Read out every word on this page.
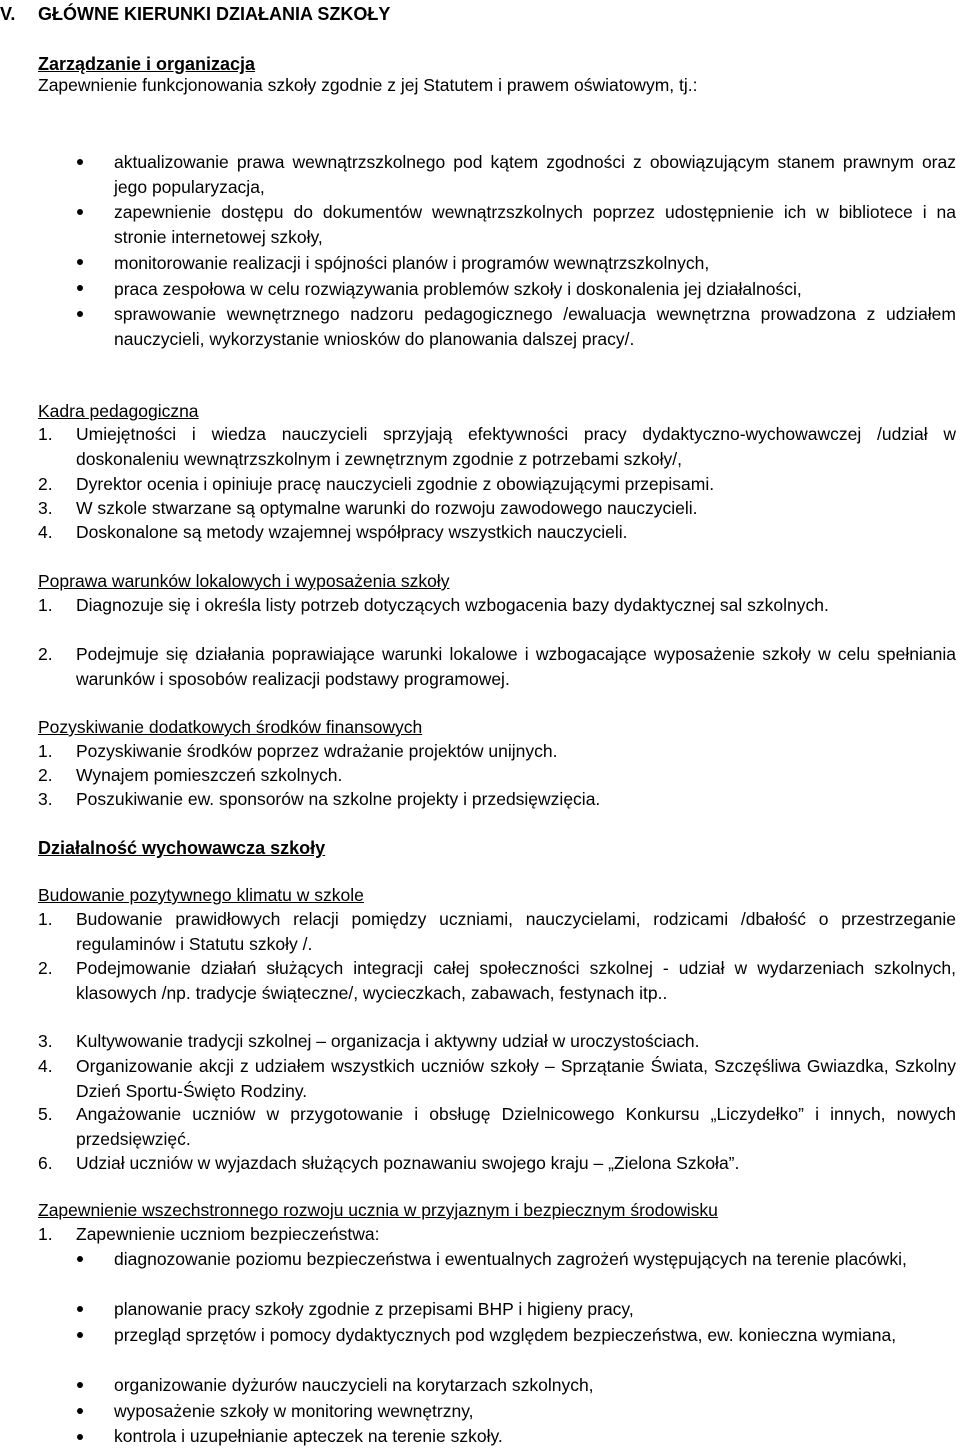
V. GŁÓWNE KIERUNKI DZIAŁANIA SZKOŁY
Zarządzanie i organizacja
Zapewnienie funkcjonowania szkoły zgodnie z jej Statutem i prawem oświatowym, tj.:
aktualizowanie prawa wewnątrzszkolnego pod kątem zgodności z obowiązującym stanem prawnym oraz jego popularyzacja,
zapewnienie dostępu do dokumentów wewnątrzszkolnych poprzez udostępnienie ich w bibliotece i na stronie internetowej szkoły,
monitorowanie realizacji i spójności planów i programów wewnątrzszkolnych,
praca zespołowa w celu rozwiązywania problemów szkoły i doskonalenia jej działalności,
sprawowanie wewnętrznego nadzoru pedagogicznego /ewaluacja wewnętrzna prowadzona z udziałem nauczycieli, wykorzystanie wniosków do planowania dalszej pracy/.
Kadra pedagogiczna
1. Umiejętności i wiedza nauczycieli sprzyjają efektywności pracy dydaktyczno-wychowawczej /udział w doskonaleniu wewnątrzszkolnym i zewnętrznym zgodnie z potrzebami szkoły/,
2. Dyrektor ocenia i opiniuje pracę nauczycieli zgodnie z obowiązującymi przepisami.
3. W szkole stwarzane są optymalne warunki do rozwoju zawodowego nauczycieli.
4. Doskonalone są metody wzajemnej współpracy wszystkich nauczycieli.
Poprawa warunków lokalowych i wyposażenia szkoły
1. Diagnozuje się i określa listy potrzeb dotyczących wzbogacenia bazy dydaktycznej sal szkolnych.
2. Podejmuje się działania poprawiające warunki lokalowe i wzbogacające wyposażenie szkoły w celu spełniania warunków i sposobów realizacji podstawy programowej.
Pozyskiwanie dodatkowych środków finansowych
1. Pozyskiwanie środków poprzez wdrażanie projektów unijnych.
2. Wynajem pomieszczeń szkolnych.
3. Poszukiwanie ew. sponsorów na szkolne projekty i przedsięwzięcia.
Działalność wychowawcza szkoły
Budowanie pozytywnego klimatu w szkole
1. Budowanie prawidłowych relacji pomiędzy uczniami, nauczycielami, rodzicami /dbałość o przestrzeganie regulaminów i Statutu szkoły /.
2. Podejmowanie działań służących integracji całej społeczności szkolnej - udział w wydarzeniach szkolnych, klasowych /np. tradycje świąteczne/, wycieczkach, zabawach, festynach itp..
3. Kultywowanie tradycji szkolnej – organizacja i aktywny udział w uroczystościach.
4. Organizowanie akcji z udziałem wszystkich uczniów szkoły – Sprzątanie Świata, Szczęśliwa Gwiazdka, Szkolny Dzień Sportu-Święto Rodziny.
5. Angażowanie uczniów w przygotowanie i obsługę Dzielnicowego Konkursu „Liczydełko” i innych, nowych przedsięwzięć.
6. Udział uczniów w wyjazdach służących poznawaniu swojego kraju – „Zielona Szkoła”.
Zapewnienie wszechstronnego rozwoju ucznia w przyjaznym i bezpiecznym środowisku
1. Zapewnienie uczniom bezpieczeństwa:
diagnozowanie poziomu bezpieczeństwa i ewentualnych zagrożeń występujących na terenie placówki,
planowanie pracy szkoły zgodnie z przepisami BHP i higieny pracy,
przegląd sprzętów i pomocy dydaktycznych pod względem bezpieczeństwa, ew. konieczna wymiana,
organizowanie dyżurów nauczycieli na korytarzach szkolnych,
wyposażenie szkoły w monitoring wewnętrzny,
kontrola i uzupełnianie apteczek na terenie szkoły.
